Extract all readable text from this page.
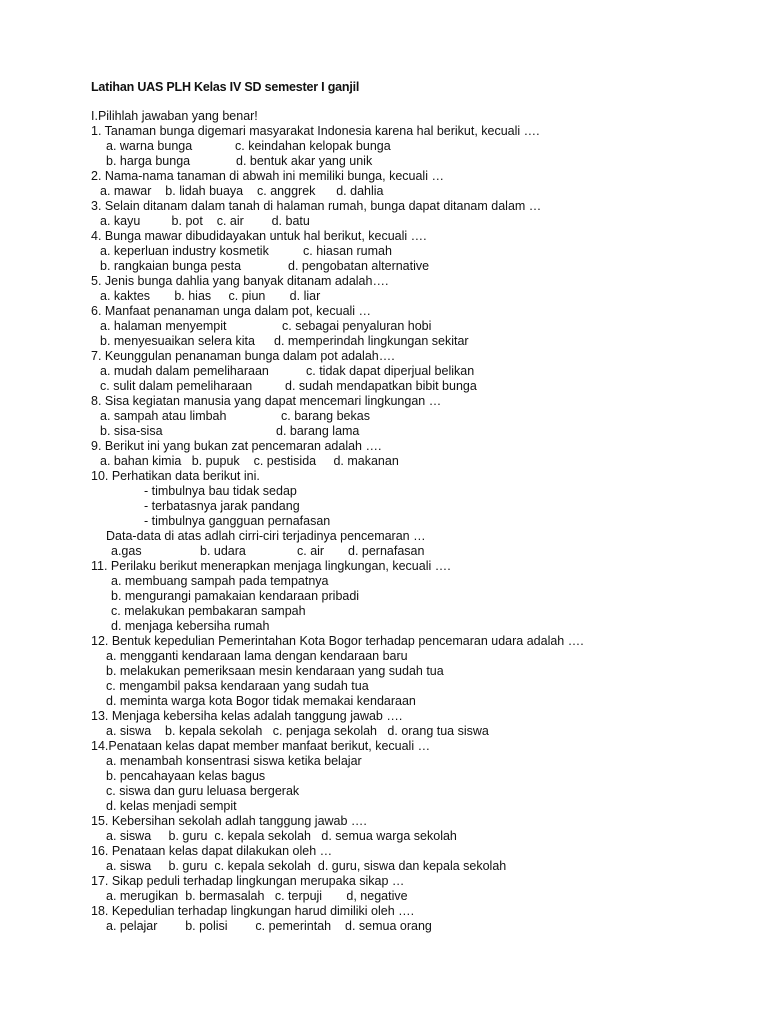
Latihan UAS PLH Kelas IV SD semester I ganjil
I.Pilihlah jawaban yang benar!
1. Tanaman bunga digemari masyarakat Indonesia karena hal berikut, kecuali ….
a. warna bunga	c. keindahan kelopak bunga
b. harga bunga	d. bentuk akar yang unik
2. Nama-nama tanaman di abwah ini memiliki bunga, kecuali …
a. mawar    b. lidah buaya    c. anggrek      d. dahlia
3. Selain ditanam dalam tanah di halaman rumah, bunga dapat ditanam dalam …
a. kayu         b. pot    c. air        d. batu
4. Bunga mawar dibudidayakan untuk hal berikut, kecuali ….
a. keperluan industry kosmetik	c. hiasan rumah
b. rangkaian bunga pesta	d. pengobatan alternative
5. Jenis bunga dahlia yang banyak ditanam adalah….
a. kaktes       b. hias     c. piun       d. liar
6. Manfaat penanaman unga dalam pot, kecuali …
a. halaman menyempit	c. sebagai penyaluran hobi
b. menyesuaikan selera kita d. memperindah lingkungan sekitar
7. Keunggulan penanaman bunga dalam pot adalah….
a. mudah dalam pemeliharaan	c. tidak dapat diperjual belikan
c. sulit dalam pemeliharaan	d. sudah mendapatkan bibit bunga
8. Sisa kegiatan manusia yang dapat mencemari lingkungan …
a. sampah atau limbah	c. barang bekas
b. sisa-sisa	d. barang lama
9. Berikut ini yang bukan zat pencemaran adalah ….
a. bahan kimia   b. pupuk    c. pestisida     d. makanan
10. Perhatikan data berikut ini.
- timbulnya bau tidak sedap
- terbatasnya jarak pandang
- timbulnya gangguan pernafasan
Data-data di atas adlah cirri-ciri terjadinya pencemaran …
a.gas	b. udara	c. air d. pernafasan
11. Perilaku berikut menerapkan menjaga lingkungan, kecuali ….
a. membuang sampah pada tempatnya
b. mengurangi pamakaian kendaraan pribadi
c. melakukan pembakaran sampah
d. menjaga kebersiha rumah
12. Bentuk kepedulian Pemerintahan Kota Bogor terhadap pencemaran udara adalah ….
a. mengganti kendaraan lama dengan kendaraan baru
b. melakukan pemeriksaan mesin kendaraan yang sudah tua
c. mengambil paksa kendaraan yang sudah tua
d. meminta warga kota Bogor tidak memakai kendaraan
13. Menjaga kebersiha kelas adalah tanggung jawab ….
a. siswa    b. kepala sekolah   c. penjaga sekolah   d. orang tua siswa
14.Penataan kelas dapat member manfaat berikut, kecuali …
a. menambah konsentrasi siswa ketika belajar
b. pencahayaan kelas bagus
c. siswa dan guru leluasa bergerak
d. kelas menjadi sempit
15. Kebersihan sekolah adlah tanggung jawab ….
a. siswa     b. guru  c. kepala sekolah   d. semua warga sekolah
16. Penataan kelas dapat dilakukan oleh …
a. siswa     b. guru  c. kepala sekolah  d. guru, siswa dan kepala sekolah
17. Sikap peduli terhadap lingkungan merupaka sikap …
a. merugikan  b. bermasalah   c. terpuji       d, negative
18. Kepedulian terhadap lingkungan harud dimiliki oleh ….
a. pelajar        b. polisi        c. pemerintah    d. semua orang
